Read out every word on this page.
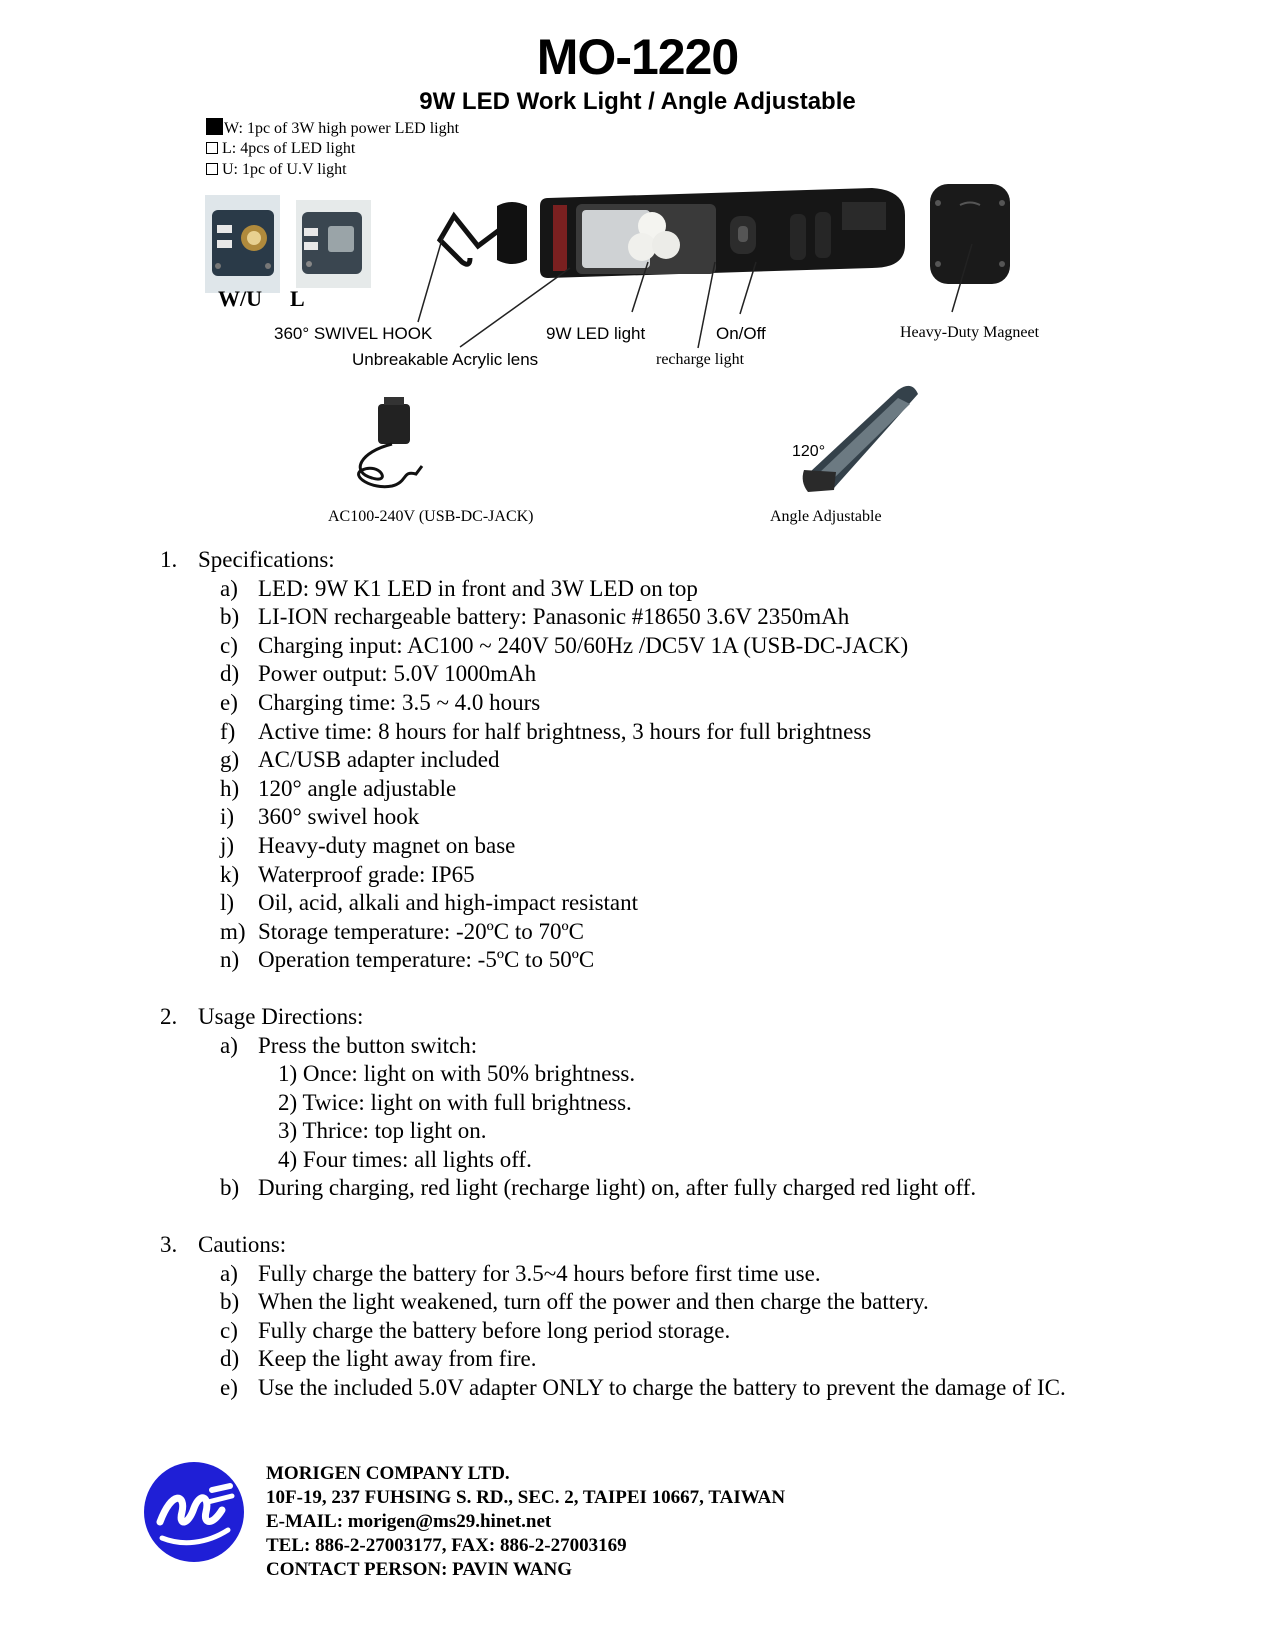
MO-1220
9W LED Work Light / Angle Adjustable
W: 1pc of 3W high power LED light
L: 4pcs of LED light
U: 1pc of U.V light
W/U L
360° SWIVEL HOOK
Unbreakable Acrylic lens
9W LED light	On/Off
recharge light
Heavy-Duty Magneet
120°
AC100-240V (USB-DC-JACK)	Angle Adjustable
1. Specifications:
a) LED: 9W K1 LED in front and 3W LED on top
b) LI-ION rechargeable battery: Panasonic #18650 3.6V 2350mAh
c) Charging input: AC100 ~ 240V 50/60Hz /DC5V 1A (USB-DC-JACK)
d) Power output: 5.0V 1000mAh
e) Charging time: 3.5 ~ 4.0 hours
f) Active time: 8 hours for half brightness, 3 hours for full brightness
g) AC/USB adapter included
h) 120° angle adjustable
i)	360° swivel hook
j)	Heavy-duty magnet on base
k) Waterproof grade: IP65
l)	Oil, acid, alkali and high-impact resistant
m) Storage temperature: -20ºC to 70ºC
n) Operation temperature: -5ºC to 50ºC
2. Usage Directions:
a) Press the button switch:
1) Once: light on with 50% brightness.
2) Twice: light on with full brightness.
3) Thrice: top light on.
4) Four times: all lights off.
b) During charging, red light (recharge light) on, after fully charged red light off.
3. Cautions:
a) Fully charge the battery for 3.5~4 hours before first time use.
b) When the light weakened, turn off the power and then charge the battery.
c) Fully charge the battery before long period storage.
d) Keep the light away from fire.
e) Use the included 5.0V adapter ONLY to charge the battery to prevent the damage of IC.
MORIGEN COMPANY LTD.
10F-19, 237 FUHSING S. RD., SEC. 2, TAIPEI 10667, TAIWAN
E-MAIL: morigen@ms29.hinet.net
TEL: 886-2-27003177, FAX: 886-2-27003169
CONTACT PERSON: PAVIN WANG
